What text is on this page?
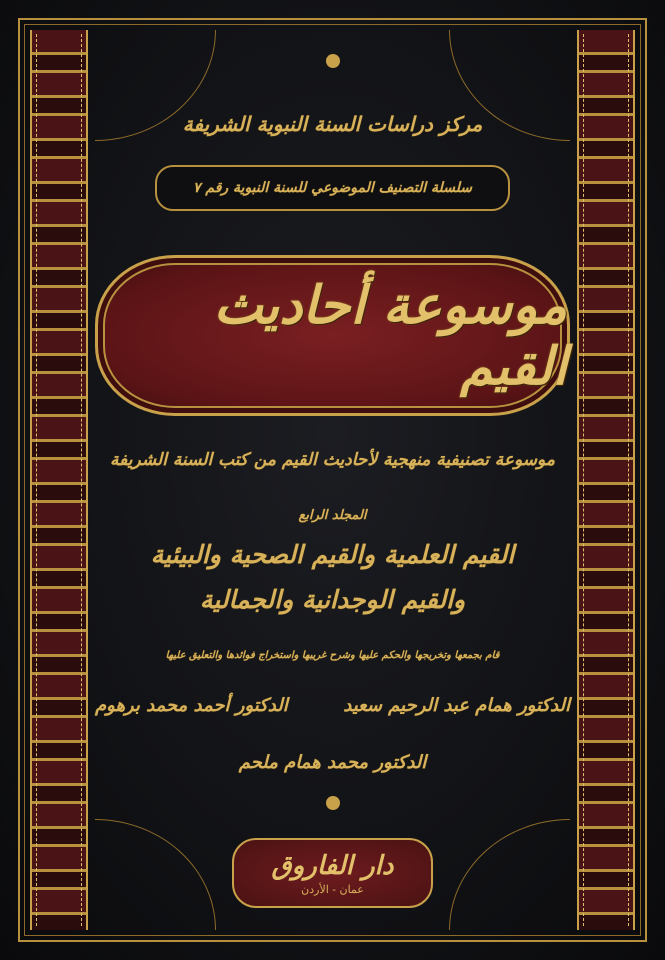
مركز دراسات السنة النبوية الشريفة
سلسلة التصنيف الموضوعي للسنة النبوية رقم ٧
موسوعة أحاديث القيم
موسوعة تصنيفية منهجية لأحاديث القيم من كتب السنة الشريفة
المجلد الرابع
القيم العلمية والقيم الصحية والبيئية
والقيم الوجدانية والجمالية
قام بجمعها وتخريجها والحكم عليها وشرح غريبها واستخراج فوائدها والتعليق عليها
الدكتور همام عبد الرحيم سعيد
الدكتور أحمد محمد برهوم
الدكتور محمد همام ملحم
دار الفاروق
عمان - الأردن
